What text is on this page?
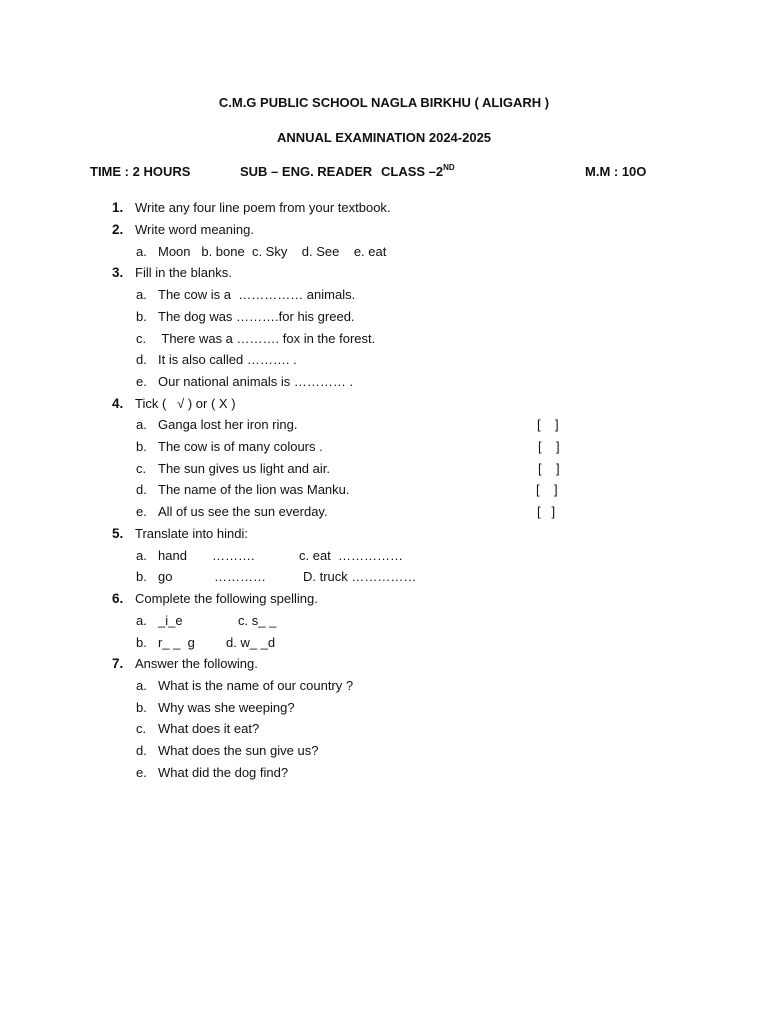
C.M.G PUBLIC SCHOOL NAGLA BIRKHU ( ALIGARH )
ANNUAL EXAMINATION 2024-2025
TIME : 2 HOURS	SUB – ENG. READER CLASS –2ND	M.M : 10O
1. Write any four line poem from your textbook.
2. Write word meaning.
a. Moon   b. bone  c. Sky    d. See    e. eat
3. Fill in the blanks.
a. The cow is a  …………… animals.
b. The dog was ……….for his greed.
c. There was a ………. fox in the forest.
d. It is also called ………. .
e. Our national animals is ………… .
4. Tick (   √ ) or ( X )
a. Ganga lost her iron ring.	[    ]
b. The cow is of many colours .	[    ]
c. The sun gives us light and air.	[    ]
d. The name of the lion was Manku.	[    ]
e. All of us see the sun everday.	[   ]
5. Translate into hindi:
a. hand ……….	c. eat  ……………
b. go	…………	D. truck ……………
6. Complete the following spelling.
a. _i_e	c. s_ _
b. r_ _  g d. w_ _d
7. Answer the following.
a. What is the name of our country ?
b. Why was she weeping?
c. What does it eat?
d. What does the sun give us?
e. What did the dog find?
